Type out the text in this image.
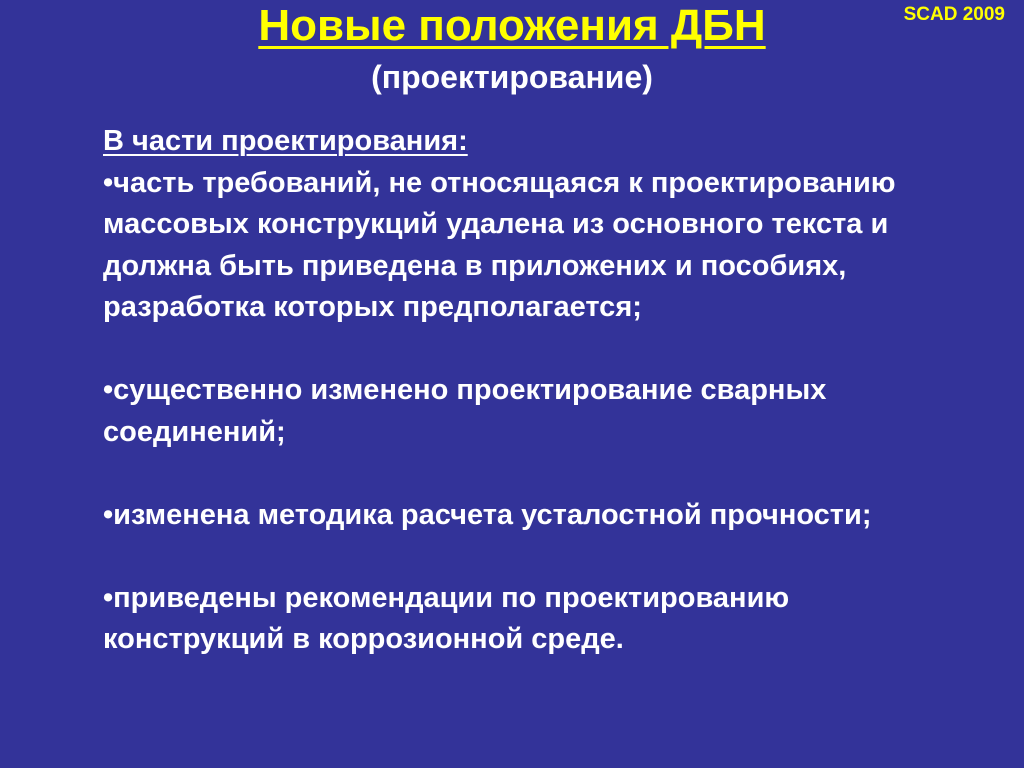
Новые положения ДБН
(проектирование)
SCAD 2009
В части проектирования:
• часть требований, не относящаяся к проектированию массовых конструкций удалена из основного текста и должна быть приведена в приложених и пособиях, разработка которых предполагается;
• существенно изменено проектирование сварных соединений;
• изменена методика расчета усталостной прочности;
• приведены рекомендации по проектированию конструкций в коррозионной среде.
